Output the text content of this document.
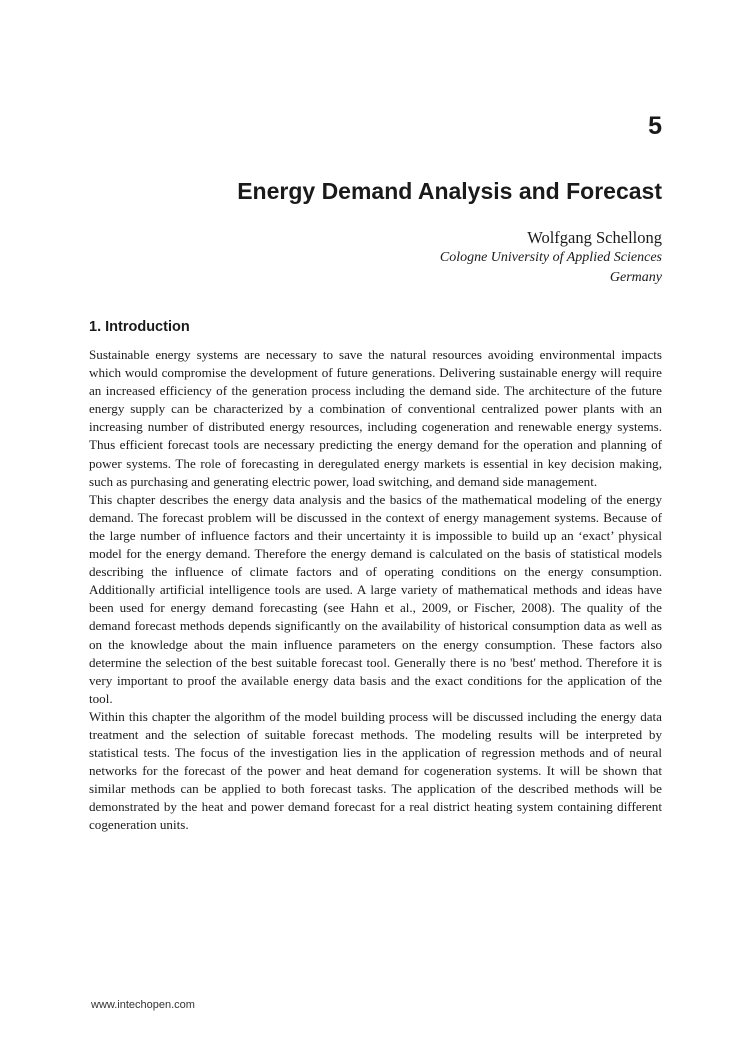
5
Energy Demand Analysis and Forecast
Wolfgang Schellong
Cologne University of Applied Sciences
Germany
1. Introduction

Sustainable energy systems are necessary to save the natural resources avoiding environmental impacts which would compromise the development of future generations. Delivering sustainable energy will require an increased efficiency of the generation process including the demand side. The architecture of the future energy supply can be characterized by a combination of conventional centralized power plants with an increasing number of distributed energy resources, including cogeneration and renewable energy systems. Thus efficient forecast tools are necessary predicting the energy demand for the operation and planning of power systems. The role of forecasting in deregulated energy markets is essential in key decision making, such as purchasing and generating electric power, load switching, and demand side management.

This chapter describes the energy data analysis and the basics of the mathematical modeling of the energy demand. The forecast problem will be discussed in the context of energy management systems. Because of the large number of influence factors and their uncertainty it is impossible to build up an ‘exact’ physical model for the energy demand. Therefore the energy demand is calculated on the basis of statistical models describing the influence of climate factors and of operating conditions on the energy consumption. Additionally artificial intelligence tools are used. A large variety of mathematical methods and ideas have been used for energy demand forecasting (see Hahn et al., 2009, or Fischer, 2008). The quality of the demand forecast methods depends significantly on the availability of historical consumption data as well as on the knowledge about the main influence parameters on the energy consumption. These factors also determine the selection of the best suitable forecast tool. Generally there is no 'best' method. Therefore it is very important to proof the available energy data basis and the exact conditions for the application of the tool.

Within this chapter the algorithm of the model building process will be discussed including the energy data treatment and the selection of suitable forecast methods. The modeling results will be interpreted by statistical tests. The focus of the investigation lies in the application of regression methods and of neural networks for the forecast of the power and heat demand for cogeneration systems. It will be shown that similar methods can be applied to both forecast tasks. The application of the described methods will be demonstrated by the heat and power demand forecast for a real district heating system containing different cogeneration units.

www.intechopen.com
